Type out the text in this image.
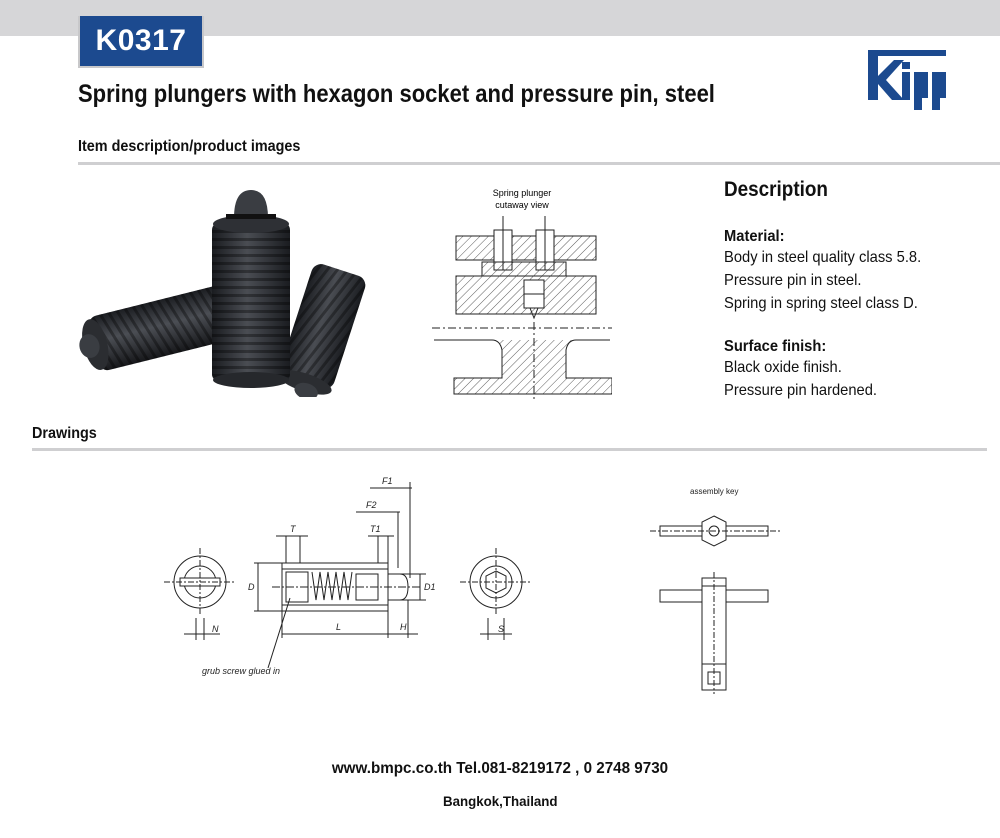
K0317
Spring plungers with hexagon socket and pressure pin, steel
Item description/product images
Spring plunger
cutaway view
Description
Material:
Body in steel quality class 5.8.
Pressure pin in steel.
Spring in spring steel class D.
Surface finish:
Black oxide finish.
Pressure pin hardened.
Drawings
F1
F2
T	T1
D	D1
L	H
N	S
grub screw glued in
assembly key
www.bmpc.co.th Tel.081-8219172 , 0 2748 9730
Bangkok,Thailand
